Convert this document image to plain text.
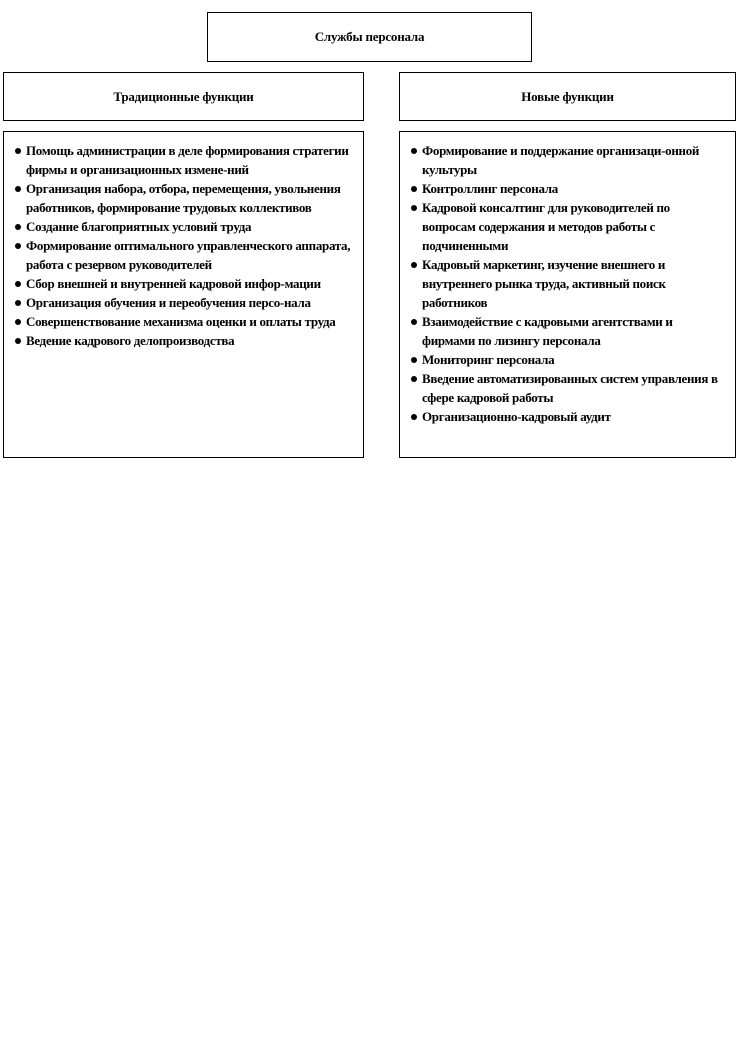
Службы персонала
Традиционные функции	Новые функции
Помощь администрации в деле формирования стратегии фирмы и организационных измене-ний
Организация набора, отбора, перемещения, увольнения работников, формирование трудовых коллективов
Создание благоприятных условий труда
Формирование оптимального управленческого аппарата, работа с резервом руководителей
Сбор внешней и внутренней кадровой инфор-мации
Организация обучения и переобучения персо-нала
Совершенствование механизма оценки и оплаты труда
Ведение кадрового делопроизводства
Формирование и поддержание организаци-онной культуры
Контроллинг персонала
Кадровой консалтинг для руководителей по вопросам содержания и методов работы с подчиненными
Кадровый маркетинг, изучение внешнего и внутреннего рынка труда, активный поиск работников
Взаимодействие с кадровыми агентствами и фирмами по лизингу персонала
Мониторинг персонала
Введение автоматизированных систем управления в сфере кадровой работы
Организационно-кадровый аудит
